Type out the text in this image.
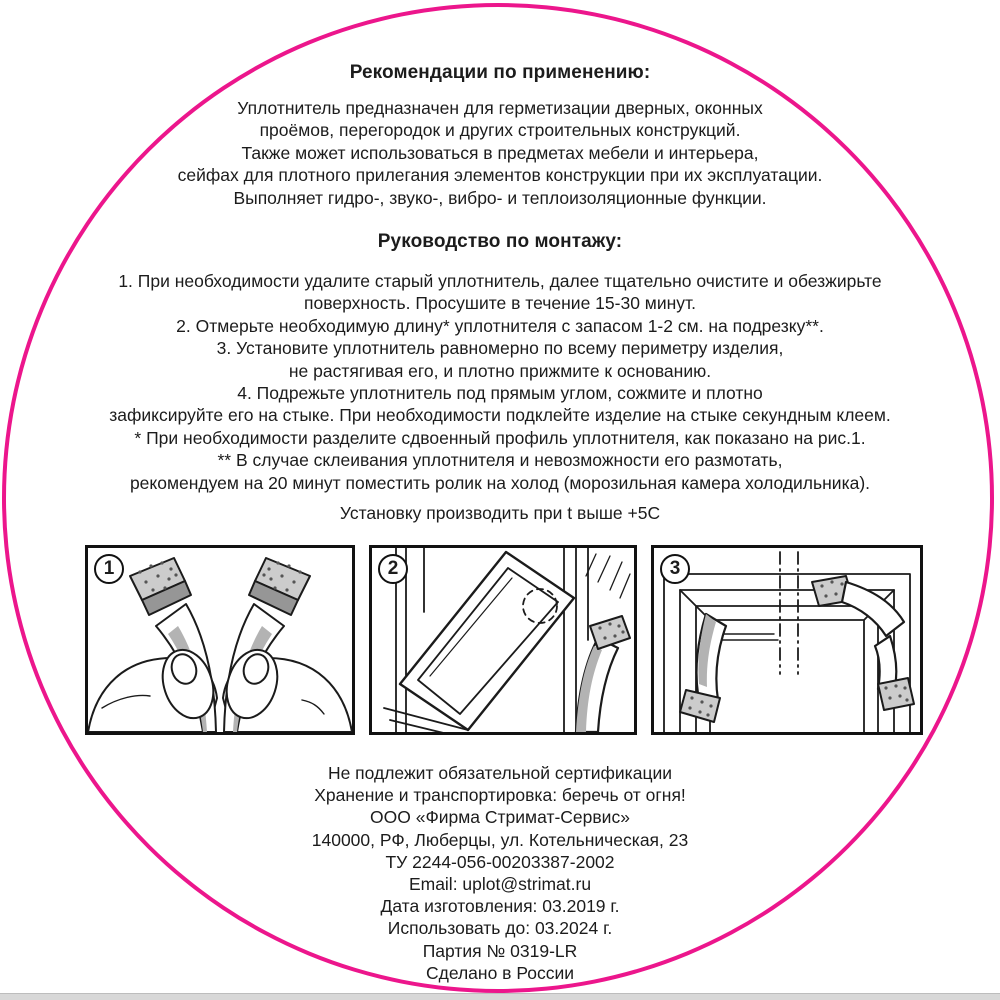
Рекомендации по применению:
Уплотнитель предназначен для герметизации дверных, оконных
проёмов, перегородок и других строительных конструкций.
Также может использоваться в предметах мебели и интерьера,
сейфах для плотного прилегания элементов конструкции при их эксплуатации.
Выполняет гидро-, звуко-, вибро- и теплоизоляционные функции.
Руководство по монтажу:
1. При необходимости удалите старый уплотнитель, далее тщательно очистите и обезжирьте
поверхность. Просушите в течение 15-30 минут.
2. Отмерьте необходимую длину* уплотнителя с запасом 1-2 см. на подрезку**.
3. Установите уплотнитель равномерно по всему периметру изделия,
не растягивая его, и плотно прижмите к основанию.
4. Подрежьте уплотнитель под прямым углом, сожмите и плотно
зафиксируйте его на стыке. При необходимости подклейте изделие на стыке секундным клеем.
* При необходимости разделите сдвоенный профиль уплотнителя, как показано на рис.1.
** В случае склеивания уплотнителя и невозможности его размотать,
рекомендуем на 20 минут поместить ролик на холод (морозильная камера холодильника).
Установку производить при t выше +5С
1	2	3
Не подлежит обязательной сертификации
Хранение и транспортировка: беречь от огня!
ООО «Фирма Стримат-Сервис»
140000, РФ, Люберцы, ул. Котельническая, 23
ТУ 2244-056-00203387-2002
Email: uplot@strimat.ru
Дата изготовления: 03.2019 г.
Использовать до: 03.2024 г.
Партия № 0319-LR
Сделано в России
